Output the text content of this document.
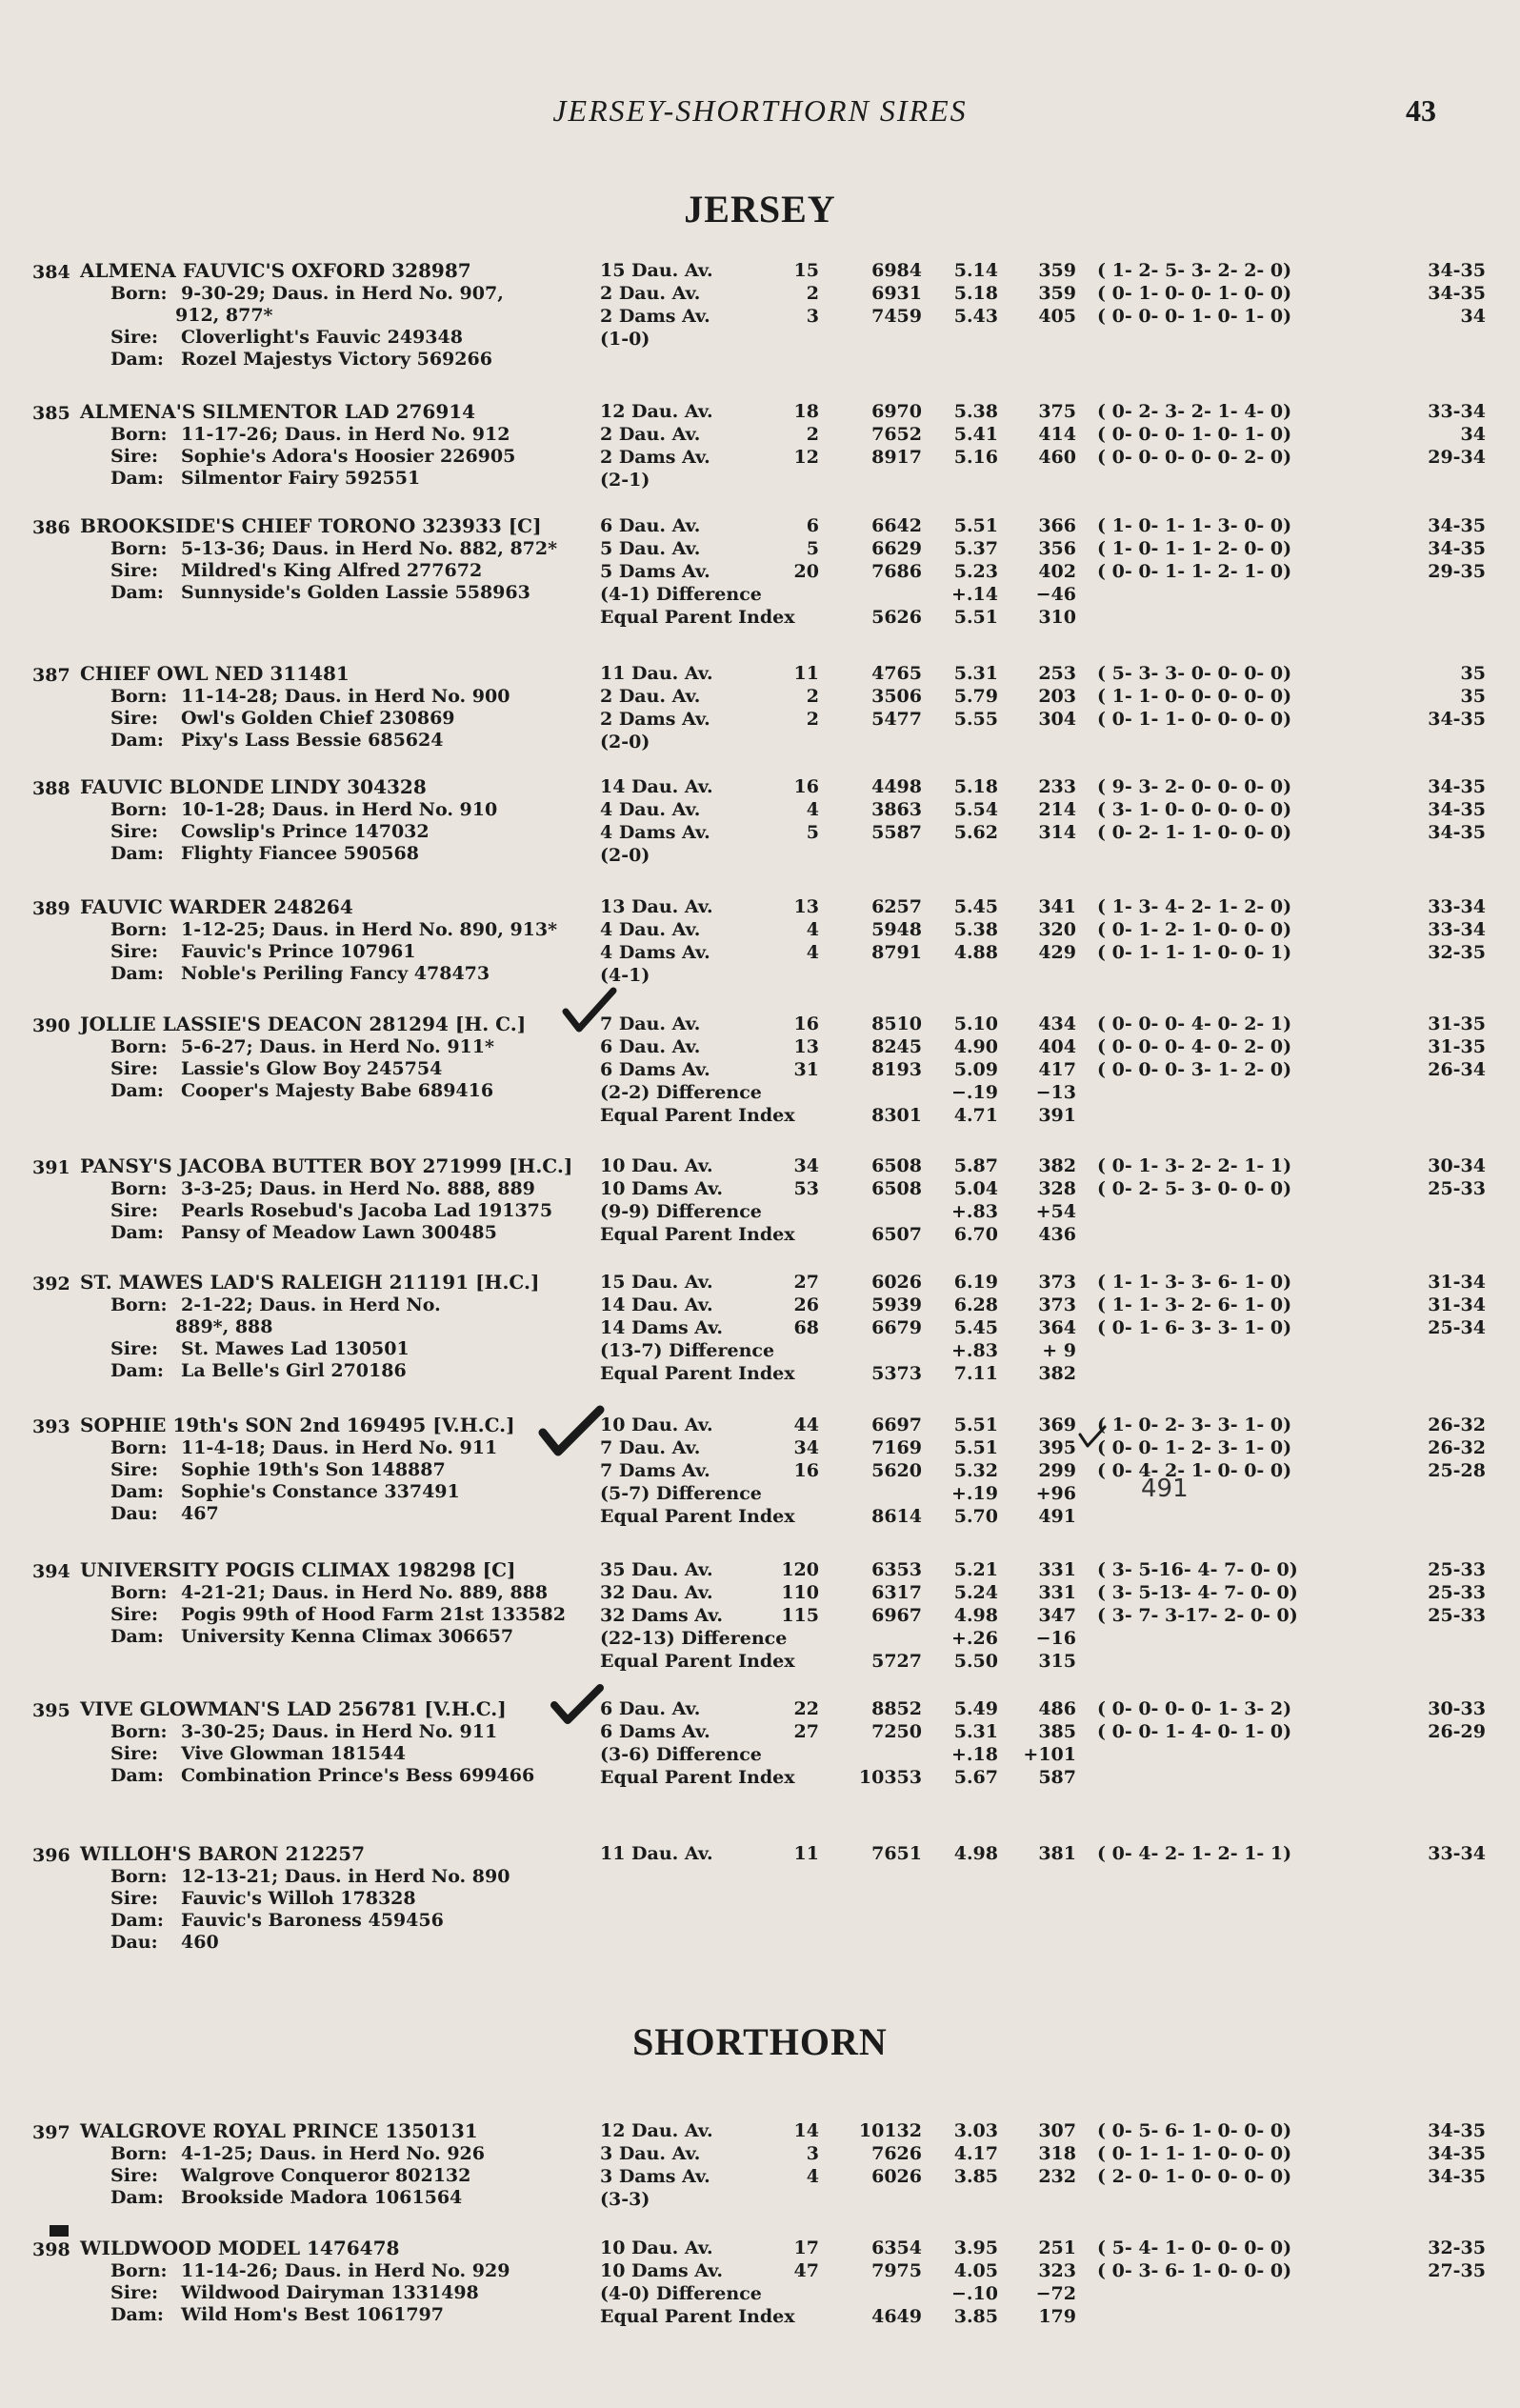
JERSEY-SHORTHORN SIRES	43
JERSEY
384 ALMENA FAUVIC'S OXFORD 328987
Born: 9-30-29; Daus. in Herd No. 907,
912, 877*
Sire: Cloverlight's Fauvic 249348
Dam: Rozel Majestys Victory 569266
15 Dau. Av.	15	6984	5.14	359 ( 1- 2- 5- 3- 2- 2- 0)	34-35
2 Dau. Av.	2	6931	5.18	359 ( 0- 1- 0- 0- 1- 0- 0)	34-35
2 Dams Av.	3	7459	5.43	405 ( 0- 0- 0- 1- 0- 1- 0)	34
(1-0)
385 ALMENA'S SILMENTOR LAD 276914
Born: 11-17-26; Daus. in Herd No. 912
Sire: Sophie's Adora's Hoosier 226905
Dam: Silmentor Fairy 592551
12 Dau. Av.	18	6970	5.38	375 ( 0- 2- 3- 2- 1- 4- 0)	33-34
2 Dau. Av.	2	7652	5.41	414 ( 0- 0- 0- 1- 0- 1- 0)	34
2 Dams Av.	12	8917	5.16	460 ( 0- 0- 0- 0- 0- 2- 0)	29-34
(2-1)
386 BROOKSIDE'S CHIEF TORONO 323933 [C]
Born: 5-13-36; Daus. in Herd No. 882, 872*
Sire: Mildred's King Alfred 277672
Dam: Sunnyside's Golden Lassie 558963
6 Dau. Av.	6	6642	5.51	366 ( 1- 0- 1- 1- 3- 0- 0)	34-35
5 Dau. Av.	5	6629	5.37	356 ( 1- 0- 1- 1- 2- 0- 0)	34-35
5 Dams Av.	20	7686	5.23	402 ( 0- 0- 1- 1- 2- 1- 0)	29-35
(4-1) Difference	+.14	−46
Equal Parent Index	5626	5.51	310
387 CHIEF OWL NED 311481
Born: 11-14-28; Daus. in Herd No. 900
Sire: Owl's Golden Chief 230869
Dam: Pixy's Lass Bessie 685624
11 Dau. Av.	11	4765	5.31	253 ( 5- 3- 3- 0- 0- 0- 0)	35
2 Dau. Av.	2	3506	5.79	203 ( 1- 1- 0- 0- 0- 0- 0)	35
2 Dams Av.	2	5477	5.55	304 ( 0- 1- 1- 0- 0- 0- 0)	34-35
(2-0)
388 FAUVIC BLONDE LINDY 304328
Born: 10-1-28; Daus. in Herd No. 910
Sire: Cowslip's Prince 147032
Dam: Flighty Fiancee 590568
14 Dau. Av.	16	4498	5.18	233 ( 9- 3- 2- 0- 0- 0- 0)	34-35
4 Dau. Av.	4	3863	5.54	214 ( 3- 1- 0- 0- 0- 0- 0)	34-35
4 Dams Av.	5	5587	5.62	314 ( 0- 2- 1- 1- 0- 0- 0)	34-35
(2-0)
389 FAUVIC WARDER 248264
Born: 1-12-25; Daus. in Herd No. 890, 913*
Sire: Fauvic's Prince 107961
Dam: Noble's Periling Fancy 478473
13 Dau. Av.	13	6257	5.45	341 ( 1- 3- 4- 2- 1- 2- 0)	33-34
4 Dau. Av.	4	5948	5.38	320 ( 0- 1- 2- 1- 0- 0- 0)	33-34
4 Dams Av.	4	8791	4.88	429 ( 0- 1- 1- 1- 0- 0- 1)	32-35
(4-1)
390 JOLLIE LASSIE'S DEACON 281294 [H. C.]
Born: 5-6-27; Daus. in Herd No. 911*
Sire: Lassie's Glow Boy 245754
Dam: Cooper's Majesty Babe 689416
7 Dau. Av.	16	8510	5.10	434 ( 0- 0- 0- 4- 0- 2- 1)	31-35
6 Dau. Av.	13	8245	4.90	404 ( 0- 0- 0- 4- 0- 2- 0)	31-35
6 Dams Av.	31	8193	5.09	417 ( 0- 0- 0- 3- 1- 2- 0)	26-34
(2-2) Difference	−.19	−13
Equal Parent Index	8301	4.71	391
391 PANSY'S JACOBA BUTTER BOY 271999 [H.C.]
Born: 3-3-25; Daus. in Herd No. 888, 889
Sire: Pearls Rosebud's Jacoba Lad 191375
Dam: Pansy of Meadow Lawn 300485
10 Dau. Av.	34	6508	5.87	382 ( 0- 1- 3- 2- 2- 1- 1)	30-34
10 Dams Av.	53	6508	5.04	328 ( 0- 2- 5- 3- 0- 0- 0)	25-33
(9-9) Difference	+.83	+54
Equal Parent Index	6507	6.70	436
392 ST. MAWES LAD'S RALEIGH 211191 [H.C.]
Born: 2-1-22; Daus. in Herd No.
889*, 888
Sire: St. Mawes Lad 130501
Dam: La Belle's Girl 270186
15 Dau. Av.	27	6026	6.19	373 ( 1- 1- 3- 3- 6- 1- 0)	31-34
14 Dau. Av.	26	5939	6.28	373 ( 1- 1- 3- 2- 6- 1- 0)	31-34
14 Dams Av.	68	6679	5.45	364 ( 0- 1- 6- 3- 3- 1- 0)	25-34
(13-7) Difference	+.83	+ 9
Equal Parent Index	5373	7.11	382
393 SOPHIE 19th's SON 2nd 169495 [V.H.C.]
Born: 11-4-18; Daus. in Herd No. 911
Sire: Sophie 19th's Son 148887
Dam: Sophie's Constance 337491
Dau: 467
10 Dau. Av.	44	6697	5.51	369 ( 1- 0- 2- 3- 3- 1- 0)	26-32
7 Dau. Av.	34	7169	5.51	395 ( 0- 0- 1- 2- 3- 1- 0)	26-32
7 Dams Av.	16	5620	5.32	299 ( 0- 4- 2- 1- 0- 0- 0)	25-28
(5-7) Difference	+.19	+96
Equal Parent Index	8614	5.70	491
394 UNIVERSITY POGIS CLIMAX 198298 [C]
Born: 4-21-21; Daus. in Herd No. 889, 888
Sire: Pogis 99th of Hood Farm 21st 133582
Dam: University Kenna Climax 306657
35 Dau. Av.	120	6353	5.21	331 ( 3- 5-16- 4- 7- 0- 0)	25-33
32 Dau. Av.	110	6317	5.24	331 ( 3- 5-13- 4- 7- 0- 0)	25-33
32 Dams Av.	115	6967	4.98	347 ( 3- 7- 3-17- 2- 0- 0)	25-33
(22-13) Difference	+.26	−16
Equal Parent Index	5727	5.50	315
395 VIVE GLOWMAN'S LAD 256781 [V.H.C.]
Born: 3-30-25; Daus. in Herd No. 911
Sire: Vive Glowman 181544
Dam: Combination Prince's Bess 699466
6 Dau. Av.	22	8852	5.49	486 ( 0- 0- 0- 0- 1- 3- 2)	30-33
6 Dams Av.	27	7250	5.31	385 ( 0- 0- 1- 4- 0- 1- 0)	26-29
(3-6) Difference	+.18 +101
Equal Parent Index	10353	5.67	587
396 WILLOH'S BARON 212257
Born: 12-13-21; Daus. in Herd No. 890
Sire: Fauvic's Willoh 178328
Dam: Fauvic's Baroness 459456
Dau: 460
11 Dau. Av.	11	7651	4.98	381 ( 0- 4- 2- 1- 2- 1- 1)	33-34
SHORTHORN
397 WALGROVE ROYAL PRINCE 1350131
Born: 4-1-25; Daus. in Herd No. 926
Sire: Walgrove Conqueror 802132
Dam: Brookside Madora 1061564
12 Dau. Av.	14	10132	3.03	307 ( 0- 5- 6- 1- 0- 0- 0)	34-35
3 Dau. Av.	3	7626	4.17	318 ( 0- 1- 1- 1- 0- 0- 0)	34-35
3 Dams Av.	4	6026	3.85	232 ( 2- 0- 1- 0- 0- 0- 0)	34-35
(3-3)
398 WILDWOOD MODEL 1476478
Born: 11-14-26; Daus. in Herd No. 929
Sire: Wildwood Dairyman 1331498
Dam: Wild Hom's Best 1061797
10 Dau. Av.	17	6354	3.95	251 ( 5- 4- 1- 0- 0- 0- 0)	32-35
10 Dams Av.	47	7975	4.05	323 ( 0- 3- 6- 1- 0- 0- 0)	27-35
(4-0) Difference	−.10	−72
Equal Parent Index	4649	3.85	179
491
